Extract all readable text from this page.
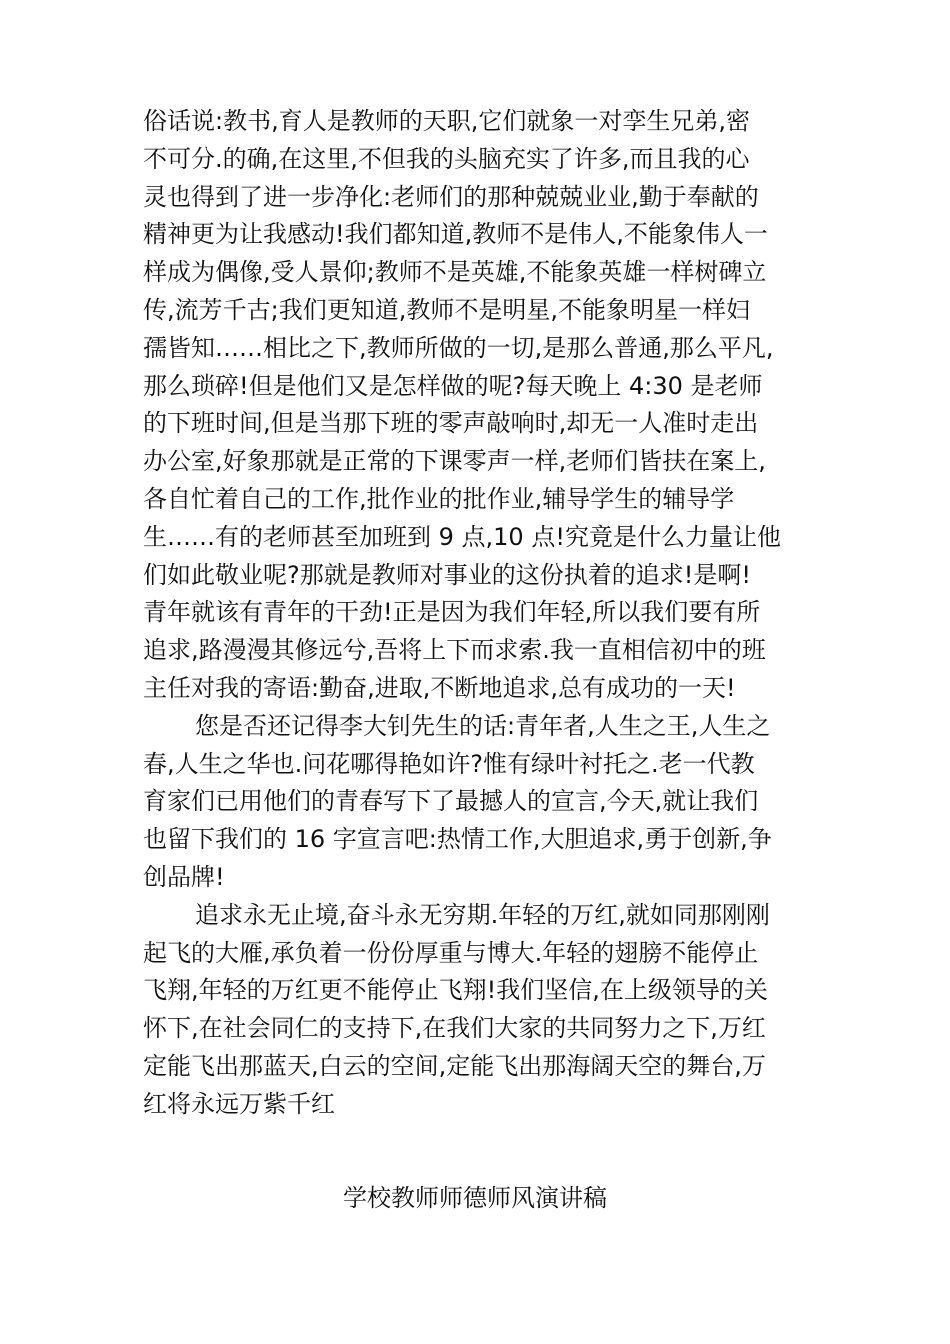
俗话说:教书,育人是教师的天职,它们就象一对孪生兄弟,密
不可分.的确,在这里,不但我的头脑充实了许多,而且我的心
灵也得到了进一步净化:老师们的那种兢兢业业,勤于奉献的
精神更为让我感动!我们都知道,教师不是伟人,不能象伟人一
样成为偶像,受人景仰;教师不是英雄,不能象英雄一样树碑立
传,流芳千古;我们更知道,教师不是明星,不能象明星一样妇
孺皆知……相比之下,教师所做的一切,是那么普通,那么平凡,
那么琐碎!但是他们又是怎样做的呢?每天晚上 4:30 是老师
的下班时间,但是当那下班的零声敲响时,却无一人准时走出
办公室,好象那就是正常的下课零声一样,老师们皆扶在案上,
各自忙着自己的工作,批作业的批作业,辅导学生的辅导学
生……有的老师甚至加班到 9 点,10 点!究竟是什么力量让他
们如此敬业呢?那就是教师对事业的这份执着的追求!是啊!
青年就该有青年的干劲!正是因为我们年轻,所以我们要有所
追求,路漫漫其修远兮,吾将上下而求索.我一直相信初中的班
主任对我的寄语:勤奋,进取,不断地追求,总有成功的一天!
您是否还记得李大钊先生的话:青年者,人生之王,人生之
春,人生之华也.问花哪得艳如许?惟有绿叶衬托之.老一代教
育家们已用他们的青春写下了最撼人的宣言,今天,就让我们
也留下我们的 16 字宣言吧:热情工作,大胆追求,勇于创新,争
创品牌!
追求永无止境,奋斗永无穷期.年轻的万红,就如同那刚刚
起飞的大雁,承负着一份份厚重与博大.年轻的翅膀不能停止
飞翔,年轻的万红更不能停止飞翔!我们坚信,在上级领导的关
怀下,在社会同仁的支持下,在我们大家的共同努力之下,万红
定能飞出那蓝天,白云的空间,定能飞出那海阔天空的舞台,万
红将永远万紫千红
学校教师师德师风演讲稿
